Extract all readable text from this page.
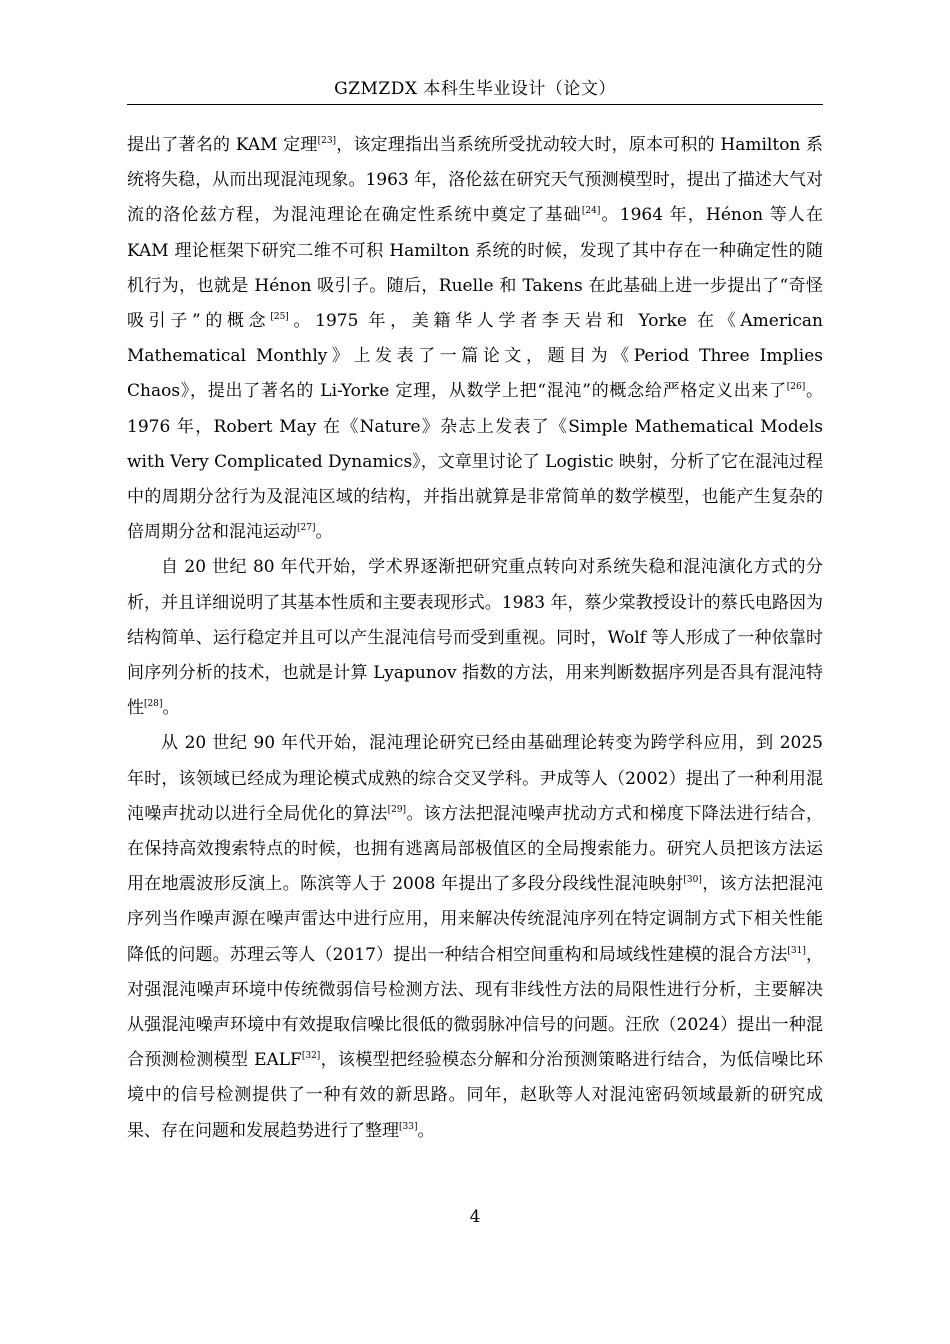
GZMZDX 本科生毕业设计（论文）

提出了著名的 KAM 定理[23]，该定理指出当系统所受扰动较大时，原本可积的 Hamilton 系统将失稳，从而出现混沌现象。1963 年，洛伦兹在研究天气预测模型时，提出了描述大气对流的洛伦兹方程，为混沌理论在确定性系统中奠定了基础[24]。1964 年，Hénon 等人在 KAM 理论框架下研究二维不可积 Hamilton 系统的时候，发现了其中存在一种确定性的随机行为，也就是 Hénon 吸引子。随后，Ruelle 和 Takens 在此基础上进一步提出了“奇怪吸引子”的概念[25]。1975 年，美籍华人学者李天岩和 Yorke 在《American Mathematical Monthly》上发表了一篇论文，题目为《Period Three Implies Chaos》，提出了著名的 Li-Yorke 定理，从数学上把“混沌”的概念给严格定义出来了[26]。1976 年，Robert May 在《Nature》杂志上发表了《Simple Mathematical Models with Very Complicated Dynamics》，文章里讨论了 Logistic 映射，分析了它在混沌过程中的周期分岔行为及混沌区域的结构，并指出就算是非常简单的数学模型，也能产生复杂的倍周期分岔和混沌运动[27]。

自 20 世纪 80 年代开始，学术界逐渐把研究重点转向对系统失稳和混沌演化方式的分析，并且详细说明了其基本性质和主要表现形式。1983 年，蔡少棠教授设计的蔡氏电路因为结构简单、运行稳定并且可以产生混沌信号而受到重视。同时，Wolf 等人形成了一种依靠时间序列分析的技术，也就是计算 Lyapunov 指数的方法，用来判断数据序列是否具有混沌特性[28]。

从 20 世纪 90 年代开始，混沌理论研究已经由基础理论转变为跨学科应用，到 2025 年时，该领域已经成为理论模式成熟的综合交叉学科。尹成等人（2002）提出了一种利用混沌噪声扰动以进行全局优化的算法[29]。该方法把混沌噪声扰动方式和梯度下降法进行结合，在保持高效搜索特点的时候，也拥有逃离局部极值区的全局搜索能力。研究人员把该方法运用在地震波形反演上。陈滨等人于 2008 年提出了多段分段线性混沌映射[30]，该方法把混沌序列当作噪声源在噪声雷达中进行应用，用来解决传统混沌序列在特定调制方式下相关性能降低的问题。苏理云等人（2017）提出一种结合相空间重构和局域线性建模的混合方法[31]，对强混沌噪声环境中传统微弱信号检测方法、现有非线性方法的局限性进行分析，主要解决从强混沌噪声环境中有效提取信噪比很低的微弱脉冲信号的问题。汪欣（2024）提出一种混合预测检测模型 EALF[32]，该模型把经验模态分解和分治预测策略进行结合，为低信噪比环境中的信号检测提供了一种有效的新思路。同年，赵耿等人对混沌密码领域最新的研究成果、存在问题和发展趋势进行了整理[33]。

4
